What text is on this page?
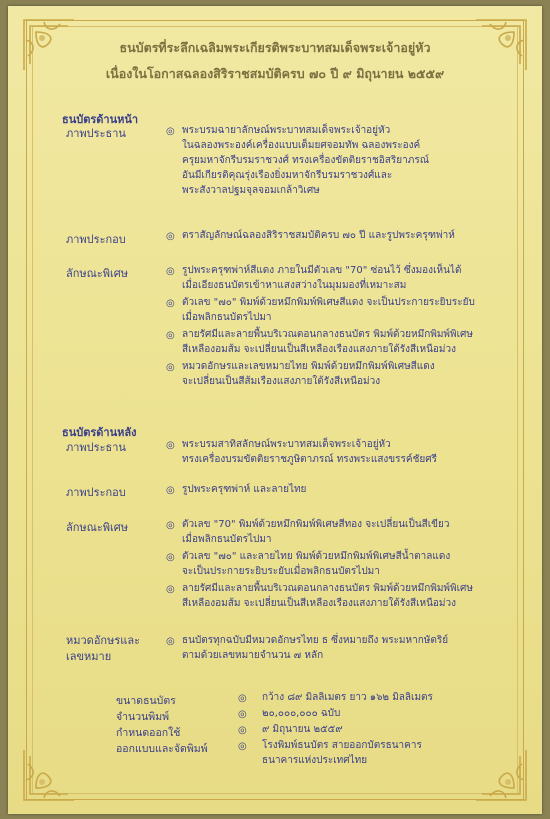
ธนบัตรที่ระลึกเฉลิมพระเกียรติพระบาทสมเด็จพระเจ้าอยู่หัว
เนื่องในโอกาสฉลองสิริราชสมบัติครบ ๗๐ ปี ๙ มิถุนายน ๒๕๕๙
ธนบัตรด้านหน้า
ภาพประธาน	◎ พระบรมฉายาลักษณ์พระบาทสมเด็จพระเจ้าอยู่หัว
ในฉลองพระองค์เครื่องแบบเต็มยศจอมทัพ ฉลองพระองค์
ครุยมหาจักรีบรมราชวงศ์ ทรงเครื่องขัตติยราชอิสริยาภรณ์
อันมีเกียรติคุณรุ่งเรืองยิ่งมหาจักรีบรมราชวงศ์และ
พระสังวาลปฐมจุลจอมเกล้าวิเศษ
ภาพประกอบ	◎ ตราสัญลักษณ์ฉลองสิริราชสมบัติครบ ๗๐ ปี และรูปพระครุฑพ่าห์
ลักษณะพิเศษ	◎ รูปพระครุฑพ่าห์สีแดง ภายในมีตัวเลข "70" ซ่อนไว้ ซึ่งมองเห็นได้
เมื่อเอียงธนบัตรเข้าหาแสงสว่างในมุมมองที่เหมาะสม
◎ ตัวเลข "๗๐" พิมพ์ด้วยหมึกพิมพ์พิเศษสีแดง จะเป็นประกายระยิบระยับ
เมื่อพลิกธนบัตรไปมา
◎ ลายรัศมีและลายพื้นบริเวณตอนกลางธนบัตร พิมพ์ด้วยหมึกพิมพ์พิเศษ
สีเหลืองอมส้ม จะเปลี่ยนเป็นสีเหลืองเรืองแสงภายใต้รังสีเหนือม่วง
◎ หมวดอักษรและเลขหมายไทย พิมพ์ด้วยหมึกพิมพ์พิเศษสีแดง
จะเปลี่ยนเป็นสีส้มเรืองแสงภายใต้รังสีเหนือม่วง
ธนบัตรด้านหลัง
ภาพประธาน	◎ พระบรมสาทิสลักษณ์พระบาทสมเด็จพระเจ้าอยู่หัว
ทรงเครื่องบรมขัตติยราชภูษิตาภรณ์ ทรงพระแสงขรรค์ชัยศรี
ภาพประกอบ	◎ รูปพระครุฑพ่าห์ และลายไทย
ลักษณะพิเศษ	◎ ตัวเลข "70" พิมพ์ด้วยหมึกพิมพ์พิเศษสีทอง จะเปลี่ยนเป็นสีเขียว
เมื่อพลิกธนบัตรไปมา
◎ ตัวเลข "๗๐" และลายไทย พิมพ์ด้วยหมึกพิมพ์พิเศษสีน้ำตาลแดง
จะเป็นประกายระยิบระยับเมื่อพลิกธนบัตรไปมา
◎ ลายรัศมีและลายพื้นบริเวณตอนกลางธนบัตร พิมพ์ด้วยหมึกพิมพ์พิเศษ
สีเหลืองอมส้ม จะเปลี่ยนเป็นสีเหลืองเรืองแสงภายใต้รังสีเหนือม่วง
หมวดอักษรและ
เลขหมาย
◎ ธนบัตรทุกฉบับมีหมวดอักษรไทย ธ ซึ่งหมายถึง พระมหากษัตริย์
ตามด้วยเลขหมายจำนวน ๗ หลัก
ขนาดธนบัตร	◎ กว้าง ๘๙ มิลลิเมตร ยาว ๑๖๒ มิลลิเมตร
จำนวนพิมพ์	◎ ๒๐,๐๐๐,๐๐๐ ฉบับ
กำหนดออกใช้	◎ ๙ มิถุนายน ๒๕๕๙
ออกแบบและจัดพิมพ์	◎ โรงพิมพ์ธนบัตร สายออกบัตรธนาคาร
ธนาคารแห่งประเทศไทย
